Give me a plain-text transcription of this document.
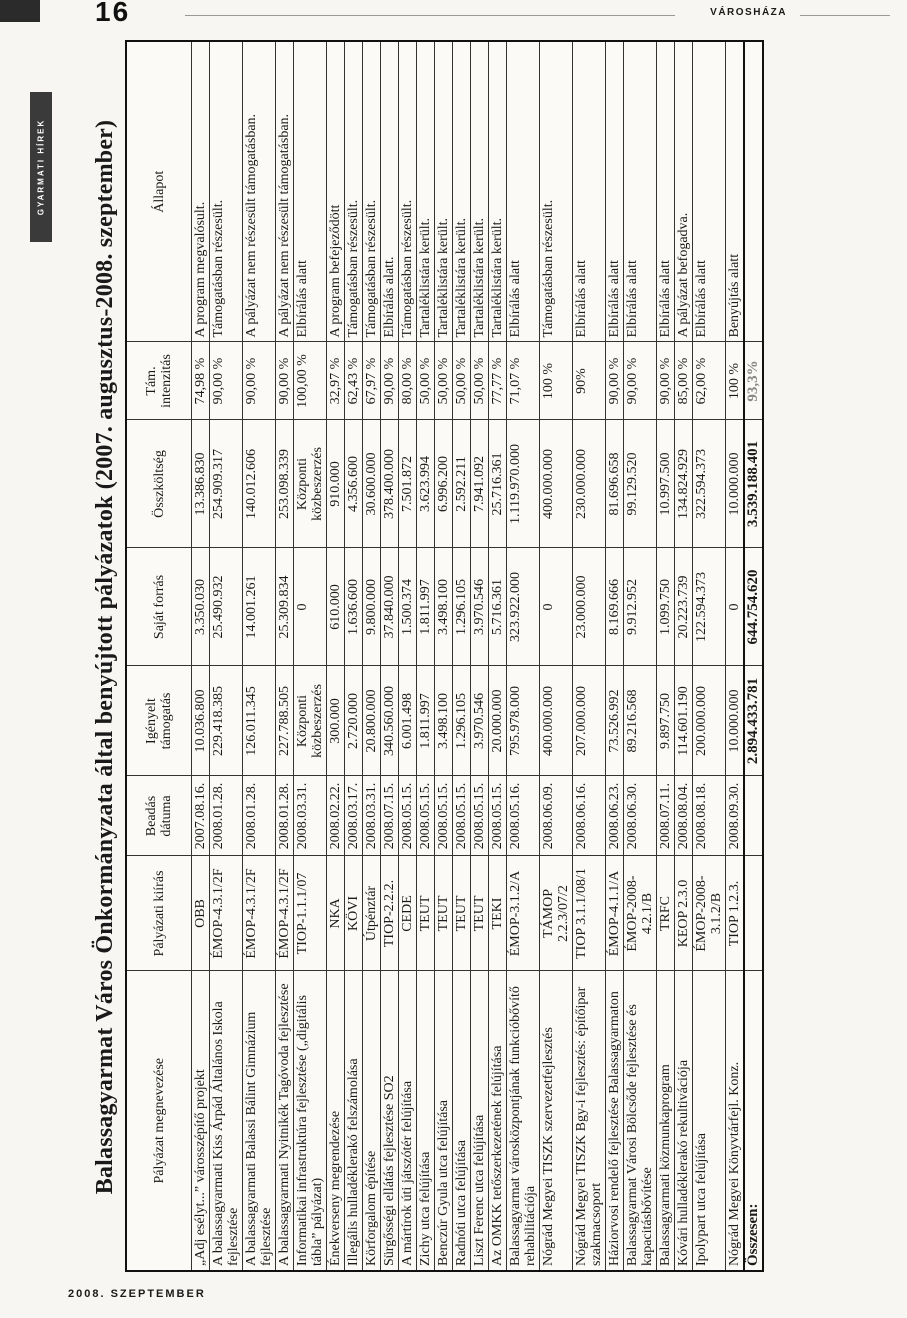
16	VÁROSHÁZA
GYARMATI HÍREK Balassagyarmat Város Önkormányzata által benyújtott pályázatok (2007. augusztus-2008. szeptember)	Pályázat megnevezése	Pályázati kiírás	Beadás dátuma	Igényelt támogatás	Saját forrás	Összköltség	Tám. intenzitás	Állapot
„Adj esélyt...” városszépítő projekt	OBB	2007.08.16.	10.036.800	3.350.030	13.386.830	74,98 %	A program megvalósult.
A balassagyarmati Kiss Árpád Általános Iskola fejlesztése	ÉMOP-4.3.1/2F	2008.01.28.	229.418.385	25.490.932	254.909.317	90,00 %	Támogatásban részesült.
A balassagyarmati Balassi Bálint Gimnázium fejlesztése	ÉMOP-4.3.1/2F	2008.01.28.	126.011.345	14.001.261	140.012.606	90,00 %	A pályázat nem részesült támogatásban.
A balassagyarmati Nyitnikék Tagóvoda fejlesztése	ÉMOP-4.3.1/2F	2008.01.28.	227.788.505	25.309.834	253.098.339	90,00 %	A pályázat nem részesült támogatásban.
Informatikai infrastruktúra fejlesztése („digitális tábla” pályázat)	TIOP-1.1.1/07	2008.03.31.	Központi közbeszerzés	0	Központi közbeszerzés	100,00 %	Elbírálás alatt
Énekverseny megrendezése	NKA	2008.02.22.	300.000	610.000	910.000	32,97 %	A program befejeződött
Illegális hulladéklerakó felszámolása	KÖVI	2008.03.17.	2.720.000	1.636.600	4.356.600	62,43 %	Támogatásban részesült.
Körforgalom építése	Útpénztár	2008.03.31.	20.800.000	9.800.000	30.600.000	67,97 %	Támogatásban részesült.
Sürgősségi ellátás fejlesztése SO2	TIOP-2.2.2.	2008.07.15.	340.560.000	37.840.000	378.400.000	90,00 %	Elbírálás alatt.
A mártírok úti játszótér felújítása	CEDE	2008.05.15.	6.001.498	1.500.374	7.501.872	80,00 %	Támogatásban részesült.
Zichy utca felújítása	TEUT	2008.05.15.	1.811.997	1.811.997	3.623.994	50,00 %	Tartaléklistára került.
Benczúr Gyula utca felújítása	TEUT	2008.05.15.	3.498.100	3.498.100	6.996.200	50,00 %	Tartaléklistára került.
Radnóti utca felújítása	TEUT	2008.05.15.	1.296.105	1.296.105	2.592.211	50,00 %	Tartaléklistára került.
Liszt Ferenc utca felújítása	TEUT	2008.05.15.	3.970.546	3.970.546	7.941.092	50,00 %	Tartaléklistára került.
Az OMKK tetőszerkezetének felújítása	TEKI	2008.05.15.	20.000.000	5.716.361	25.716.361	77,77 %	Tartaléklistára került.
Balassagyarmat városközpontjának funkcióbővítő rehabilitációja	ÉMOP-3.1.2/A	2008.05.16.	795.978.000	323.922.000	1.119.970.000	71,07 %	Elbírálás alatt
Nógrád Megyei TISZK szervezetfejlesztés	TÁMOP 2.2.3/07/2	2008.06.09.	400.000.000	0	400.000.000	100 %	Támogatásban részesült.
Nógrád Megyei TISZK Bgy-i fejlesztés: építőipar szakmacsoport	TIOP 3.1.1/08/1	2008.06.16.	207.000.000	23.000.000	230.000.000	90%	Elbírálás alatt
Háziorvosi rendelő fejlesztése Balassagyarmaton	ÉMOP-4.1.1/A	2008.06.23.	73.526.992	8.169.666	81.696.658	90,00 %	Elbírálás alatt
Balassagyarmat Városi Bölcsőde fejlesztése és kapacitásbővítése	ÉMOP-2008-4.2.1/B	2008.06.30.	89.216.568	9.912.952	99.129.520	90,00 %	Elbírálás alatt
Balassagyarmati közmunkaprogram	TRFC	2008.07.11.	9.897.750	1.099.750	10.997.500	90,00 %	Elbírálás alatt
Kóvári hulladéklerakó rekultivációja	KEOP 2.3.0	2008.08.04.	114.601.190	20.223.739	134.824.929	85,00 %	A pályázat befogadva.
Ipolypart utca felújítása	ÉMOP-2008-3.1.2/B	2008.08.18.	200.000.000	122.594.373	322.594.373	62,00 %	Elbírálás alatt
Nógrád Megyei Könyvtárfejl. Konz.	TIOP 1.2.3.	2008.09.30.	10.000.000	0	10.000.000	100 %	Benyújtás alatt
Összesen:			2.894.433.781	644.754.620	3.539.188.401	93,3%	
2008. SZEPTEMBER
